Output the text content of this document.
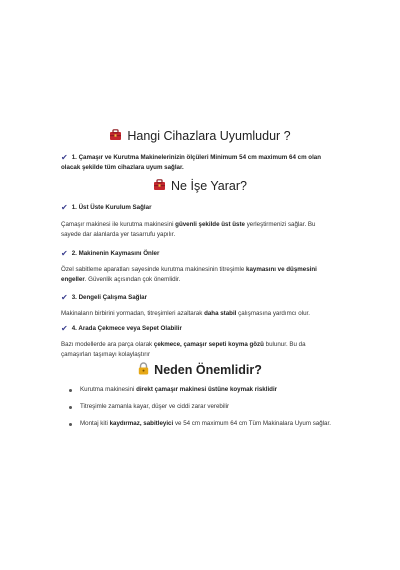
Hangi Cihazlara Uyumludur ?
✔ 1. Çamaşır ve Kurutma Makinelerinizin ölçüleri Minimum 54 cm maximum 64 cm olan
olacak şekilde tüm cihazlara uyum sağlar.
Ne İşe Yarar?
✔ 1. Üst Üste Kurulum Sağlar
Çamaşır makinesi ile kurutma makinesini güvenli şekilde üst üste yerleştirmenizi sağlar. Bu
sayede dar alanlarda yer tasarrufu yapılır.
✔ 2. Makinenin Kaymasını Önler
Özel sabitleme aparatları sayesinde kurutma makinesinin titreşimle kaymasını ve düşmesini
engeller. Güvenlik açısından çok önemlidir.
✔ 3. Dengeli Çalışma Sağlar
Makinaların birbirini yormadan, titreşimleri azaltarak daha stabil çalışmasına yardımcı olur.
✔ 4. Arada Çekmece veya Sepet Olabilir
Bazı modellerde ara parça olarak çekmece, çamaşır sepeti koyma gözü bulunur. Bu da
çamaşırları taşımayı kolaylaştırır
Neden Önemlidir?
Kurutma makinesini direkt çamaşır makinesi üstüne koymak risklidir
Titreşimle zamanla kayar, düşer ve ciddi zarar verebilir
Montaj kiti kaydırmaz, sabitleyici ve 54 cm maximum 64 cm Tüm Makinalara Uyum sağlar.
